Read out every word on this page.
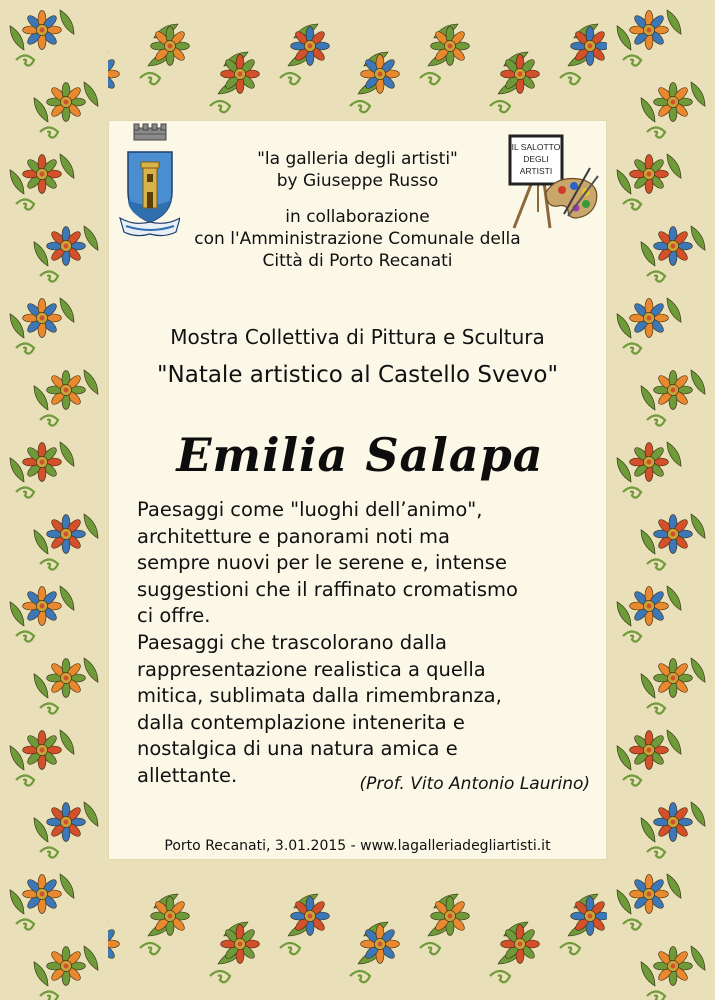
IL SALOTTO
DEGLI
ARTISTI
"la galleria degli artisti"
by Giuseppe Russo
in collaborazione
con l'Amministrazione Comunale della
Città di Porto Recanati
Mostra Collettiva di Pittura e Scultura
"Natale artistico al Castello Svevo"
Emilia Salapa

Paesaggi come "luoghi dell’animo",
architetture e panorami noti ma
sempre nuovi per le serene e, intense
suggestioni che il raffinato cromatismo
ci offre.

Paesaggi che trascolorano dalla
rappresentazione realistica a quella
mitica, sublimata dalla rimembranza,
dalla contemplazione intenerita e
nostalgica di una natura amica e
allettante.	(Prof. Vito Antonio Laurino)
Porto Recanati, 3.01.2015 - www.lagalleriadegliartisti.it
